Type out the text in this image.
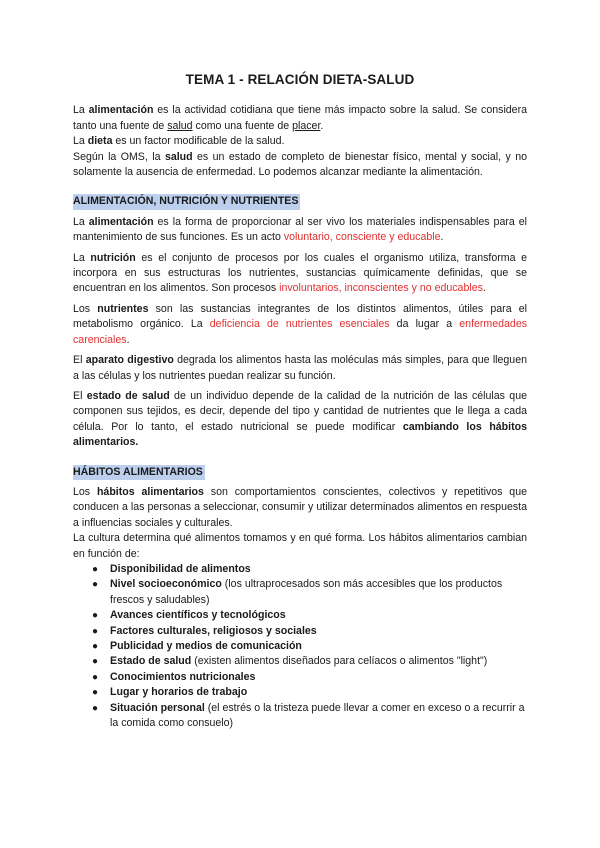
TEMA 1 - RELACIÓN DIETA-SALUD

La alimentación es la actividad cotidiana que tiene más impacto sobre la salud. Se considera tanto una fuente de salud como una fuente de placer.

La dieta es un factor modificable de la salud.

Según la OMS, la salud es un estado de completo de bienestar físico, mental y social, y no solamente la ausencia de enfermedad. Lo podemos alcanzar mediante la alimentación.

ALIMENTACIÓN, NUTRICIÓN Y NUTRIENTES

La alimentación es la forma de proporcionar al ser vivo los materiales indispensables para el mantenimiento de sus funciones. Es un acto voluntario, consciente y educable.

La nutrición es el conjunto de procesos por los cuales el organismo utiliza, transforma e incorpora en sus estructuras los nutrientes, sustancias químicamente definidas, que se encuentran en los alimentos. Son procesos involuntarios, inconscientes y no educables.

Los nutrientes son las sustancias integrantes de los distintos alimentos, útiles para el metabolismo orgánico. La deficiencia de nutrientes esenciales da lugar a enfermedades carenciales.

El aparato digestivo degrada los alimentos hasta las moléculas más simples, para que lleguen a las células y los nutrientes puedan realizar su función.

El estado de salud de un individuo depende de la calidad de la nutrición de las células que componen sus tejidos, es decir, depende del tipo y cantidad de nutrientes que le llega a cada célula. Por lo tanto, el estado nutricional se puede modificar cambiando los hábitos alimentarios.

HÁBITOS ALIMENTARIOS

Los hábitos alimentarios son comportamientos conscientes, colectivos y repetitivos que conducen a las personas a seleccionar, consumir y utilizar determinados alimentos en respuesta a influencias sociales y culturales.

La cultura determina qué alimentos tomamos y en qué forma. Los hábitos alimentarios cambian en función de:

● Disponibilidad de alimentos
● Nivel socioeconómico (los ultraprocesados son más accesibles que los productos frescos y saludables)
● Avances científicos y tecnológicos
● Factores culturales, religiosos y sociales
● Publicidad y medios de comunicación
● Estado de salud (existen alimentos diseñados para celíacos o alimentos "light")
● Conocimientos nutricionales
● Lugar y horarios de trabajo
● Situación personal (el estrés o la tristeza puede llevar a comer en exceso o a recurrir a la comida como consuelo)
